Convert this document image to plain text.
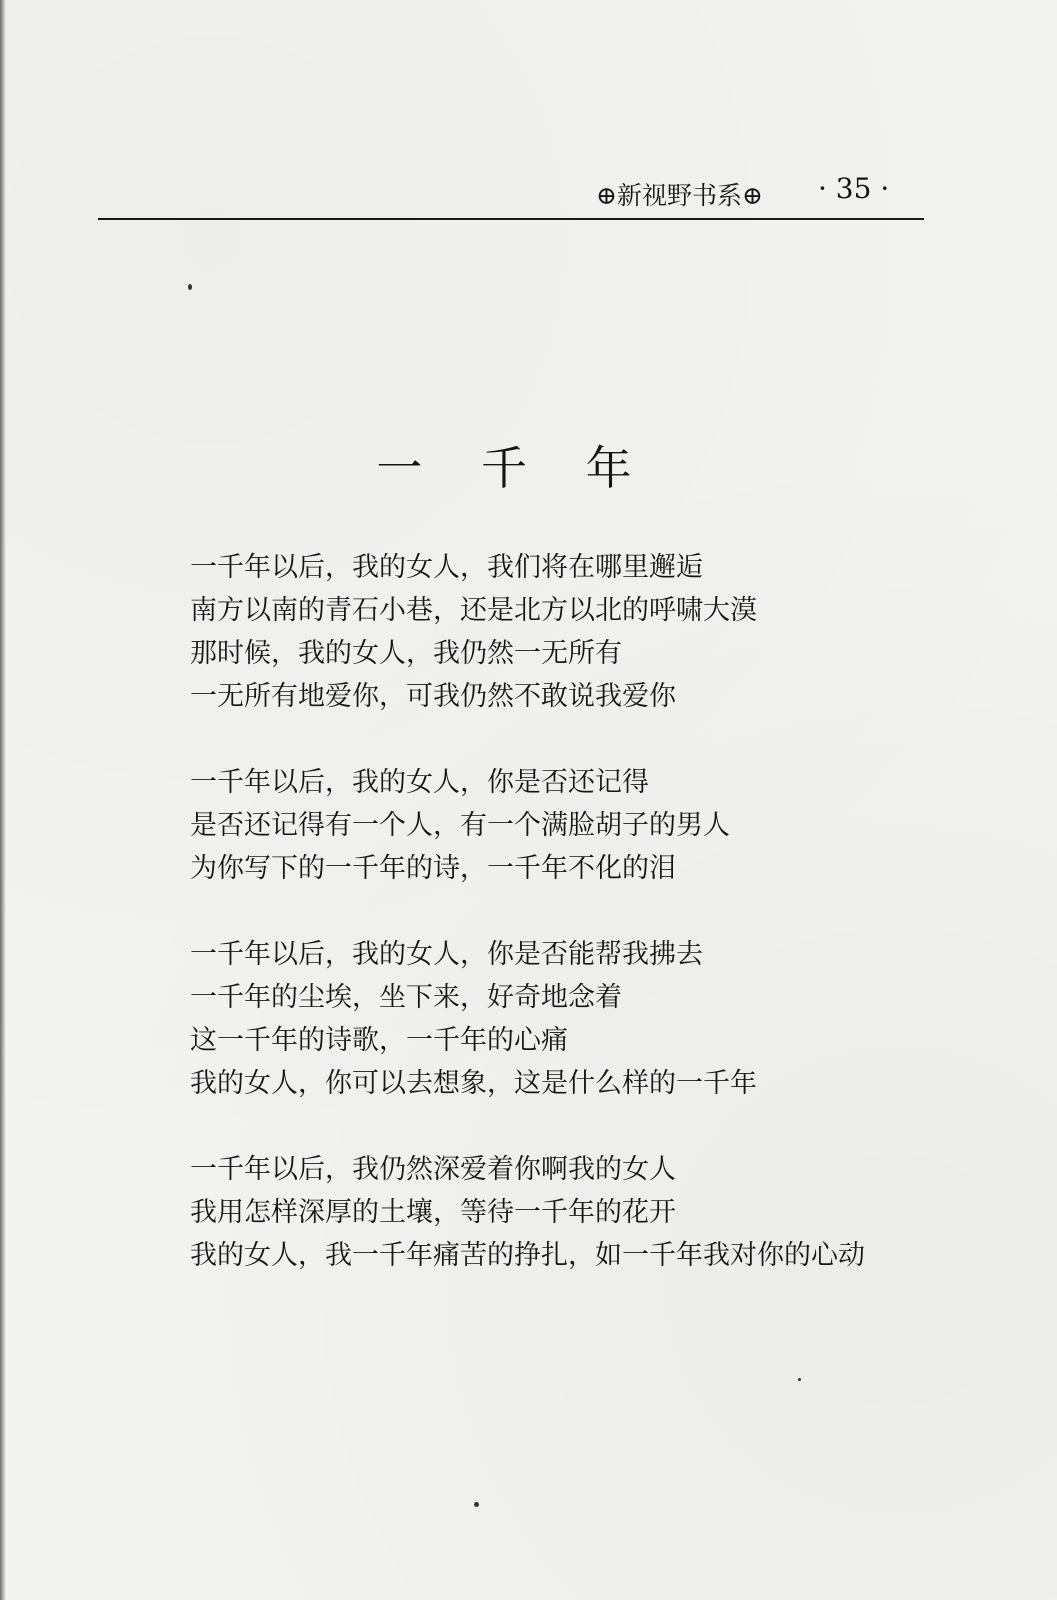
⊕新视野书系⊕ · 35 ·
一 千 年
一千年以后，我的女人，我们将在哪里邂逅
南方以南的青石小巷，还是北方以北的呼啸大漠
那时候，我的女人，我仍然一无所有
一无所有地爱你，可我仍然不敢说我爱你
一千年以后，我的女人，你是否还记得
是否还记得有一个人，有一个满脸胡子的男人
为你写下的一千年的诗，一千年不化的泪
一千年以后，我的女人，你是否能帮我拂去
一千年的尘埃，坐下来，好奇地念着
这一千年的诗歌，一千年的心痛
我的女人，你可以去想象，这是什么样的一千年
一千年以后，我仍然深爱着你啊我的女人
我用怎样深厚的土壤，等待一千年的花开
我的女人，我一千年痛苦的挣扎，如一千年我对你的心动
